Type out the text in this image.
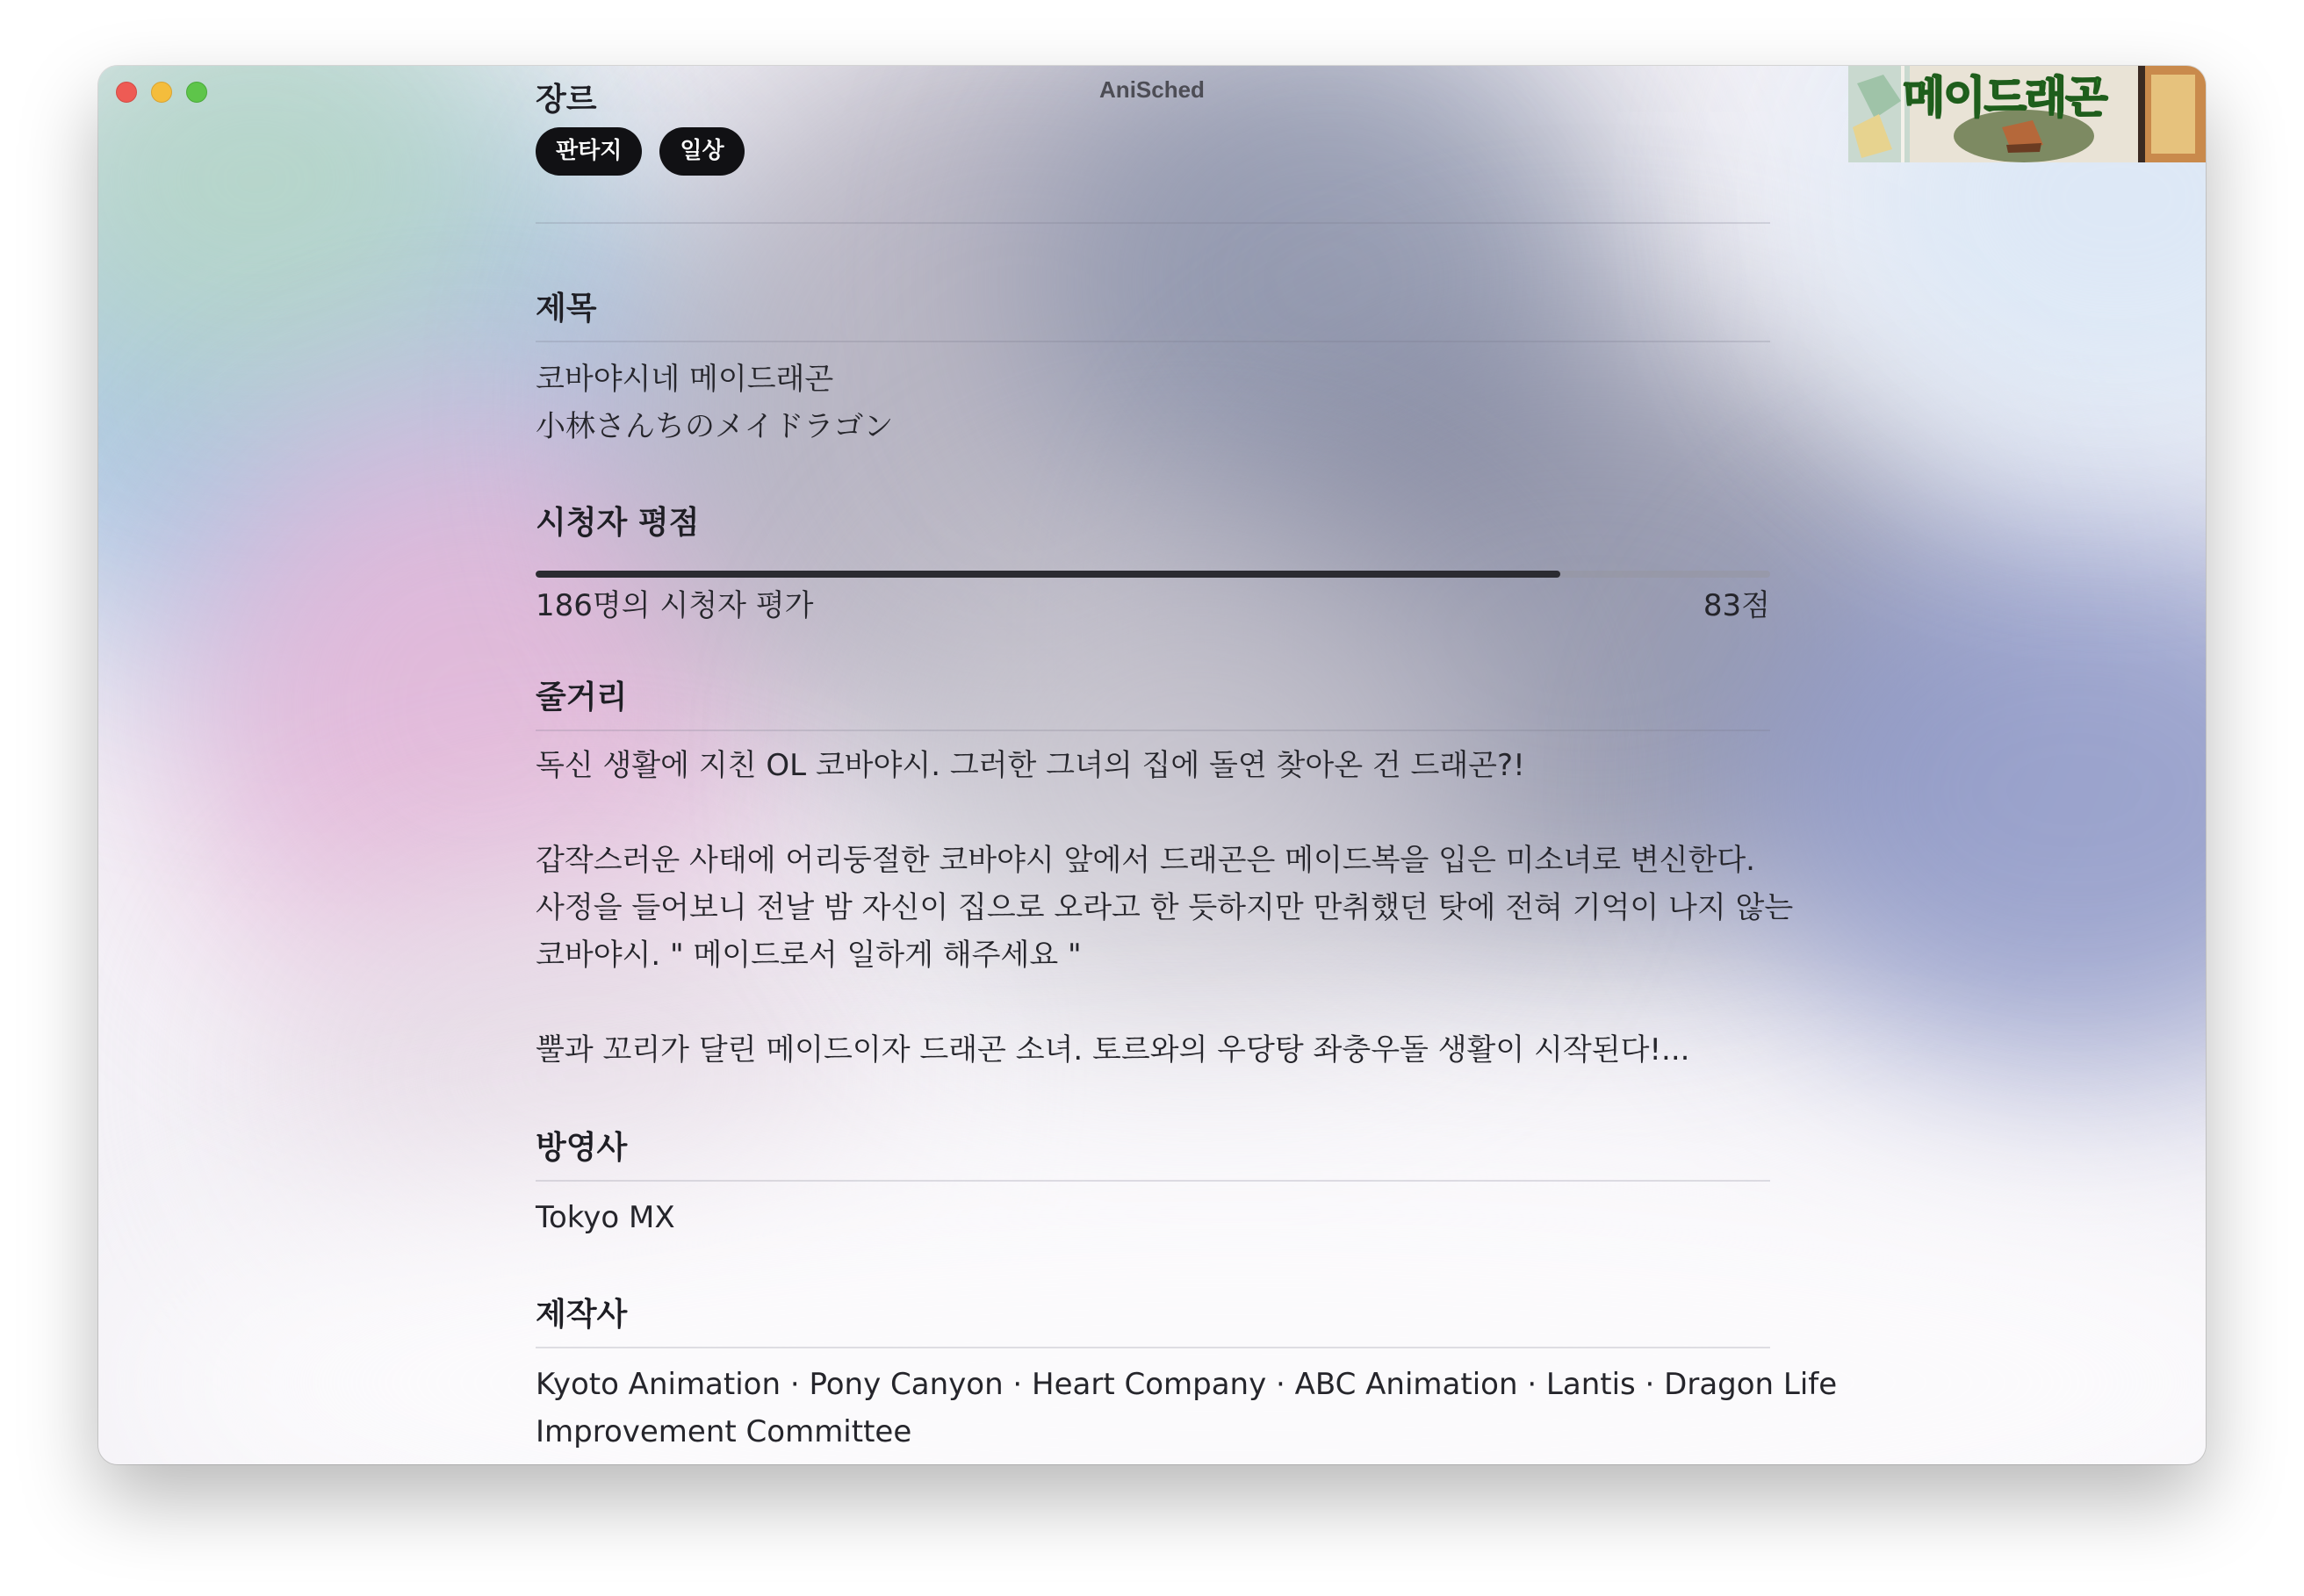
AniSched	메이드래곤
장르
판타지	일상
제목
코바야시네 메이드래곤
小林さんちのメイドラゴン
시청자 평점
186명의 시청자 평가	83점
줄거리
독신 생활에 지친 OL 코바야시. 그러한 그녀의 집에 돌연 찾아온 건 드래곤?!
갑작스러운 사태에 어리둥절한 코바야시 앞에서 드래곤은 메이드복을 입은 미소녀로 변신한다.
사정을 들어보니 전날 밤 자신이 집으로 오라고 한 듯하지만 만취했던 탓에 전혀 기억이 나지 않는
코바야시. " 메이드로서 일하게 해주세요 "
뿔과 꼬리가 달린 메이드이자 드래곤 소녀. 토르와의 우당탕 좌충우돌 생활이 시작된다!...
방영사
Tokyo MX
제작사
Kyoto Animation · Pony Canyon · Heart Company · ABC Animation · Lantis · Dragon Life
Improvement Committee
